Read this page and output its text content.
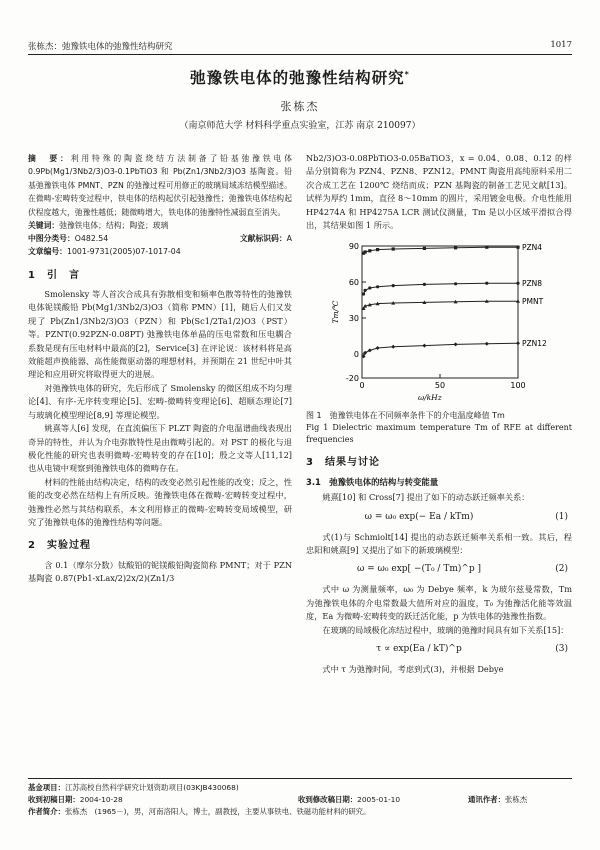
张栋杰：弛豫铁电体的弛豫性结构研究	1017
弛豫铁电体的弛豫性结构研究*
张栋杰
（南京师范大学 材料科学重点实验室，江苏 南京 210097）
摘　要：利用特殊的陶瓷烧结方法制备了铅基弛豫铁电体 0.9Pb(Mg1/3Nb2/3)O3-0.1PbTiO3 和 Pb(Zn1/3Nb2/3)O3 基陶瓷。铅基弛豫铁电体 PMNT、PZN 的弛豫过程可用修正的玻璃局域冻结模型描述。在微畴-宏畴转变过程中，铁电体的结构起伏引起弛豫性；弛豫铁电体结构起伏程度越大，弛豫性越低；随微畴增大，铁电体的弛豫特性减弱直至消失。
关键词：弛豫铁电体；结构；陶瓷；玻璃
中图分类号：O482.54	文献标识码：A
文章编号：1001-9731(2005)07-1017-04
1　引　言

Smolensky 等人首次合成具有弥散相变和频率色散等特性的弛豫铁电体铌镁酸铅 Pb(Mg1/3Nb2/3)O3（简称 PMN）[1]，随后人们又发现了 Pb(Zn1/3Nb2/3)O3（PZN）和 Pb(Sc1/2Ta1/2)O3（PST）等。PZNT(0.92PZN-0.08PT) 弛豫铁电体单晶的压电常数和压电耦合系数是现有压电材料中最高的[2]，Service[3] 在评论说：该材料将是高效能超声换能器、高性能微驱动器的理想材料，并预期在 21 世纪中叶其理论和应用研究将取得更大的进展。

对弛豫铁电体的研究，先后形成了 Smolensky 的微区组成不均匀理论[4]、有序-无序转变理论[5]、宏畴-微畴转变理论[6]、超顺态理论[7] 与玻璃化模型理论[8,9] 等理论模型。

姚熹等人[6] 发现，在直流偏压下 PLZT 陶瓷的介电温谱曲线表现出奇异的特性，并认为介电弥散特性是由微畴引起的。对 PST 的极化与退极化性能的研究也表明微畴-宏畴转变的存在[10]；殷之文等人[11,12] 也从电镜中观察到弛豫铁电体的微畴存在。

材料的性能由结构决定，结构的改变必然引起性能的改变；反之，性能的改变必然在结构上有所反映。弛豫铁电体在微畴-宏畴转变过程中，弛豫性必然与其结构联系，本文利用修正的微畴-宏畴转变局域模型，研究了弛豫铁电体的弛豫性结构等问题。

2　实验过程

含 0.1（摩尔分数）钛酸铅的铌镁酸铅陶瓷简称 PMNT；对于 PZN 基陶瓷 0.87(Pb1-xLax/2)2x/2)(Zn1/3

Nb2/3)O3-0.08PbTiO3-0.05BaTiO3，x = 0.04、0.08、0.12 的样品分别简称为 PZN4、PZN8、PZN12。PMNT 陶瓷用高纯原料采用二次合成工艺在 1200℃ 烧结而成；PZN 基陶瓷的制备工艺见文献[13]。试样为厚约 1mm，直径 8～10mm 的圆片，采用镀金电极。介电性能用 HP4274A 和 HP4275A LCR 测试仪测量，Tm 是以小区域平滑拟合得出，其结果如图 1 所示。

-20
0
30
60
90
0	50	100
ω/kHz
Tm/℃
PZN4
PZN8
PMNT
PZN12
图 1　弛豫铁电体在不同频率条件下的介电温度峰值 Tm
Fig 1 Dielectric maximum temperature Tm of RFE at different frequencies
3　结果与讨论
3.1　弛豫铁电体的结构与转变能量

姚熹[10] 和 Cross[7] 提出了如下的动态跃迁频率关系：

ω = ω₀ exp(− Ea / kTm)	(1)

式(1)与 Schmiolt[14] 提出的动态跃迁频率关系相一致。其后，程忠阳和姚熹[9] 又提出了如下的新玻璃模型：

ω = ω₀ exp[ −(T₀ / Tm)^p ]	(2)

式中 ω 为测量频率，ω₀ 为 Debye 频率，k 为玻尔兹曼常数，Tm 为弛豫铁电体的介电常数最大值所对应的温度，T₀ 为弛豫活化能等效温度，Ea 为微畴-宏畴转变的跃迁活化能，p 为铁电体的弛豫性指数。

在玻璃的局域极化冻结过程中，玻璃的弛豫时间具有如下关系[15]：

τ ∝ exp(Ea / kT)^p	(3)

式中 τ 为弛豫时间，考虑到式(3)，并根据 Debye

基金项目：江苏高校自然科学研究计划资助项目(03KJB430068)
收到初稿日期：2004-10-28	收到修改稿日期：2005-01-10	通讯作者：张栋杰
作者简介：张栋杰　(1965－)，男，河南洛阳人，博士，副教授，主要从事铁电、铁磁功能材料的研究。
